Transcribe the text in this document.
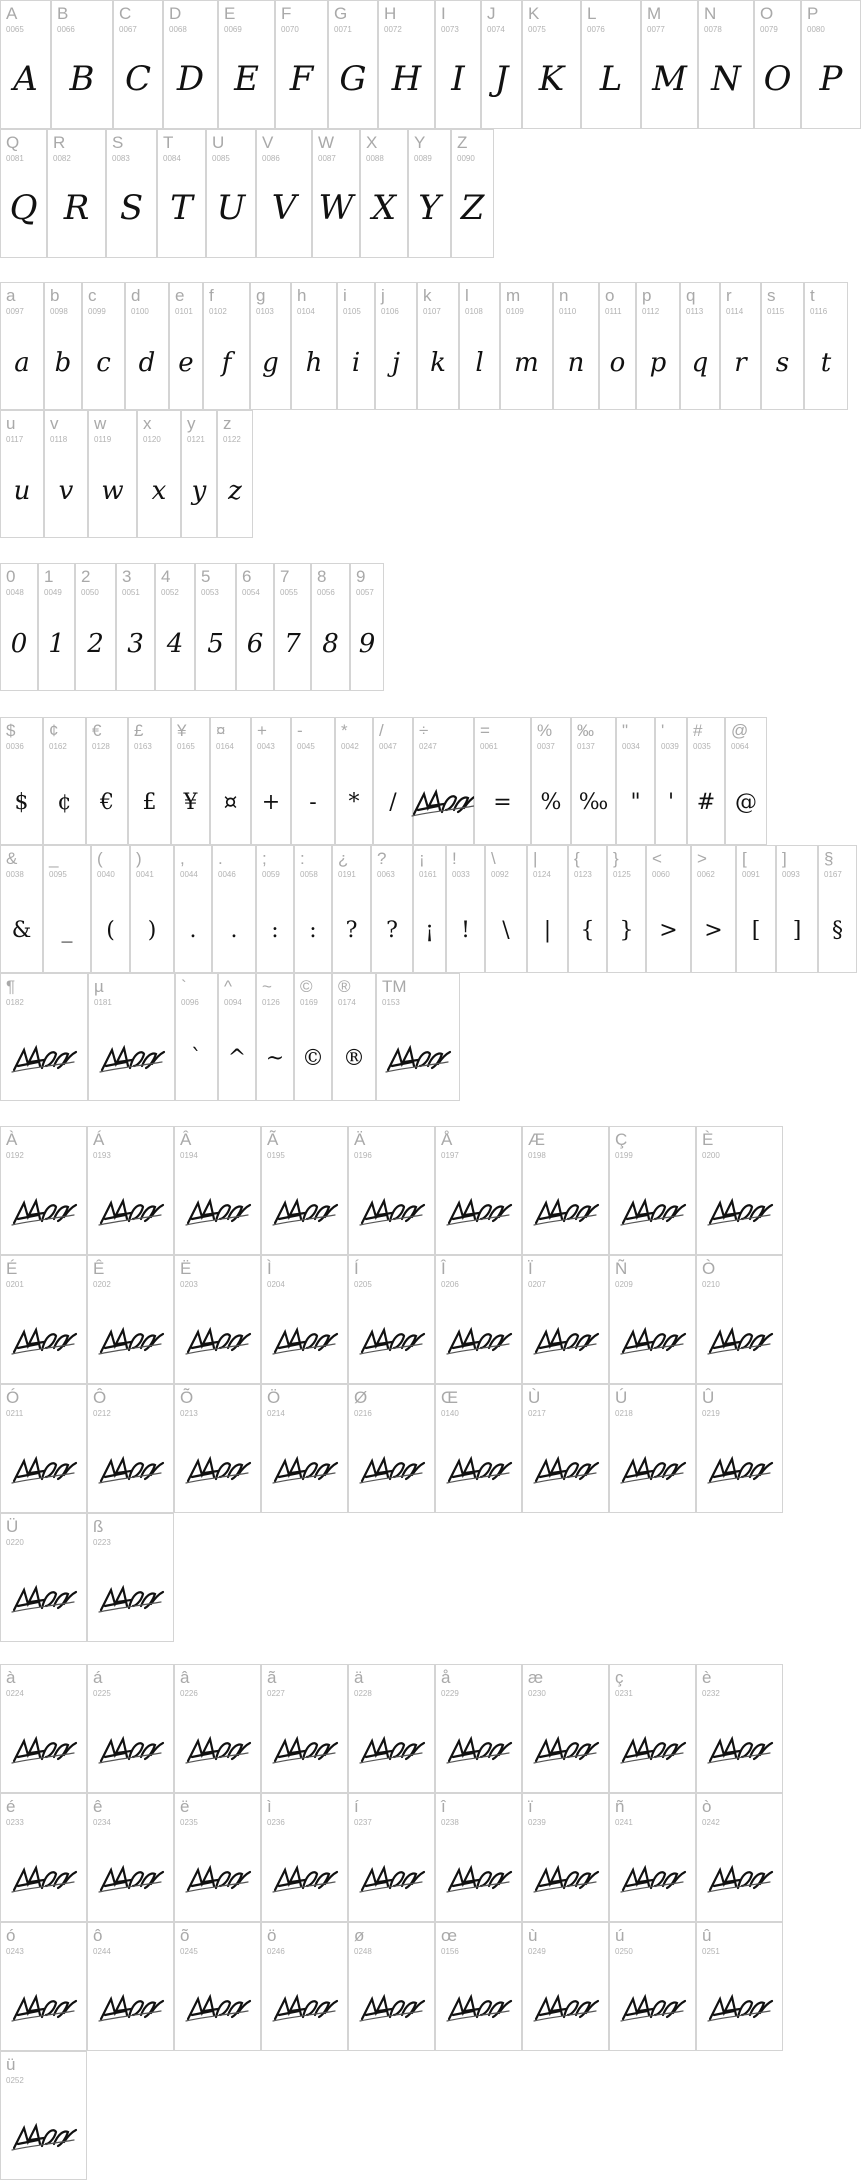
A
0065
A
B
0066
B
C
0067
C
D
0068
D
E
0069
E
F
0070
F
G
0071
G
H
0072
H
I
0073
I
J
0074
J
K
0075
K
L
0076
L
M
0077
M
N
0078
N
O
0079
O
P
0080
P
Q
0081
Q
R
0082
R
S
0083
S
T
0084
T
U
0085
U
V
0086
V
W
0087
W
X
0088
X
Y
0089
Y
Z
0090
Z
a
0097
a
b
0098
b
c
0099
c
d
0100
d
e
0101
e
f
0102
f
g
0103
g
h
0104
h
i
0105
i
j
0106
j
k
0107
k
l
0108
l
m
0109
m
n
0110
n
o
0111
o
p
0112
p
q
0113
q
r
0114
r
s
0115
s
t
0116
t
u
0117
u
v
0118
v
w
0119
w
x
0120
x
y
0121
y
z
0122
z
0
0048
0
1
0049
1
2
0050
2
3
0051
3
4
0052
4
5
0053
5
6
0054
6
7
0055
7
8
0056
8
9
0057
9
$
0036
$
¢
0162
¢
€
0128
€
£
0163
£
¥
0165
¥
¤
0164
¤
+
0043
+
-
0045
-
*
0042
*
/
0047
/
÷
0247
=
0061
=
%
0037
%
‰
0137
‰
"
0034
"
'
0039
'
#
0035
#
@
0064
@
&
0038
&
_
0095
_
(
0040
(
)
0041
)
,
0044
.
.
0046
.
;
0059
:
:
0058
:
¿
0191
?
?
0063
?
¡
0161
¡
!
0033
!
\
0092
\
|
0124
|
{
0123
{
}
0125
}
<
0060
>
>
0062
>
[
0091
[
]
0093
]
§
0167
§
¶
0182
µ
0181
`
0096
`
^
0094
^
~
0126
~
©
0169
©
®
0174
®
TM
0153
À
0192
Á
0193
Â
0194
Ã
0195
Ä
0196
Å
0197
Æ
0198
Ç
0199
È
0200
É
0201
Ê
0202
Ë
0203
Ì
0204
Í
0205
Î
0206
Ï
0207
Ñ
0209
Ò
0210
Ó
0211
Ô
0212
Õ
0213
Ö
0214
Ø
0216
Œ
0140
Ù
0217
Ú
0218
Û
0219
Ü
0220
ß
0223
à
0224
á
0225
â
0226
ã
0227
ä
0228
å
0229
æ
0230
ç
0231
è
0232
é
0233
ê
0234
ë
0235
ì
0236
í
0237
î
0238
ï
0239
ñ
0241
ò
0242
ó
0243
ô
0244
õ
0245
ö
0246
ø
0248
œ
0156
ù
0249
ú
0250
û
0251
ü
0252
